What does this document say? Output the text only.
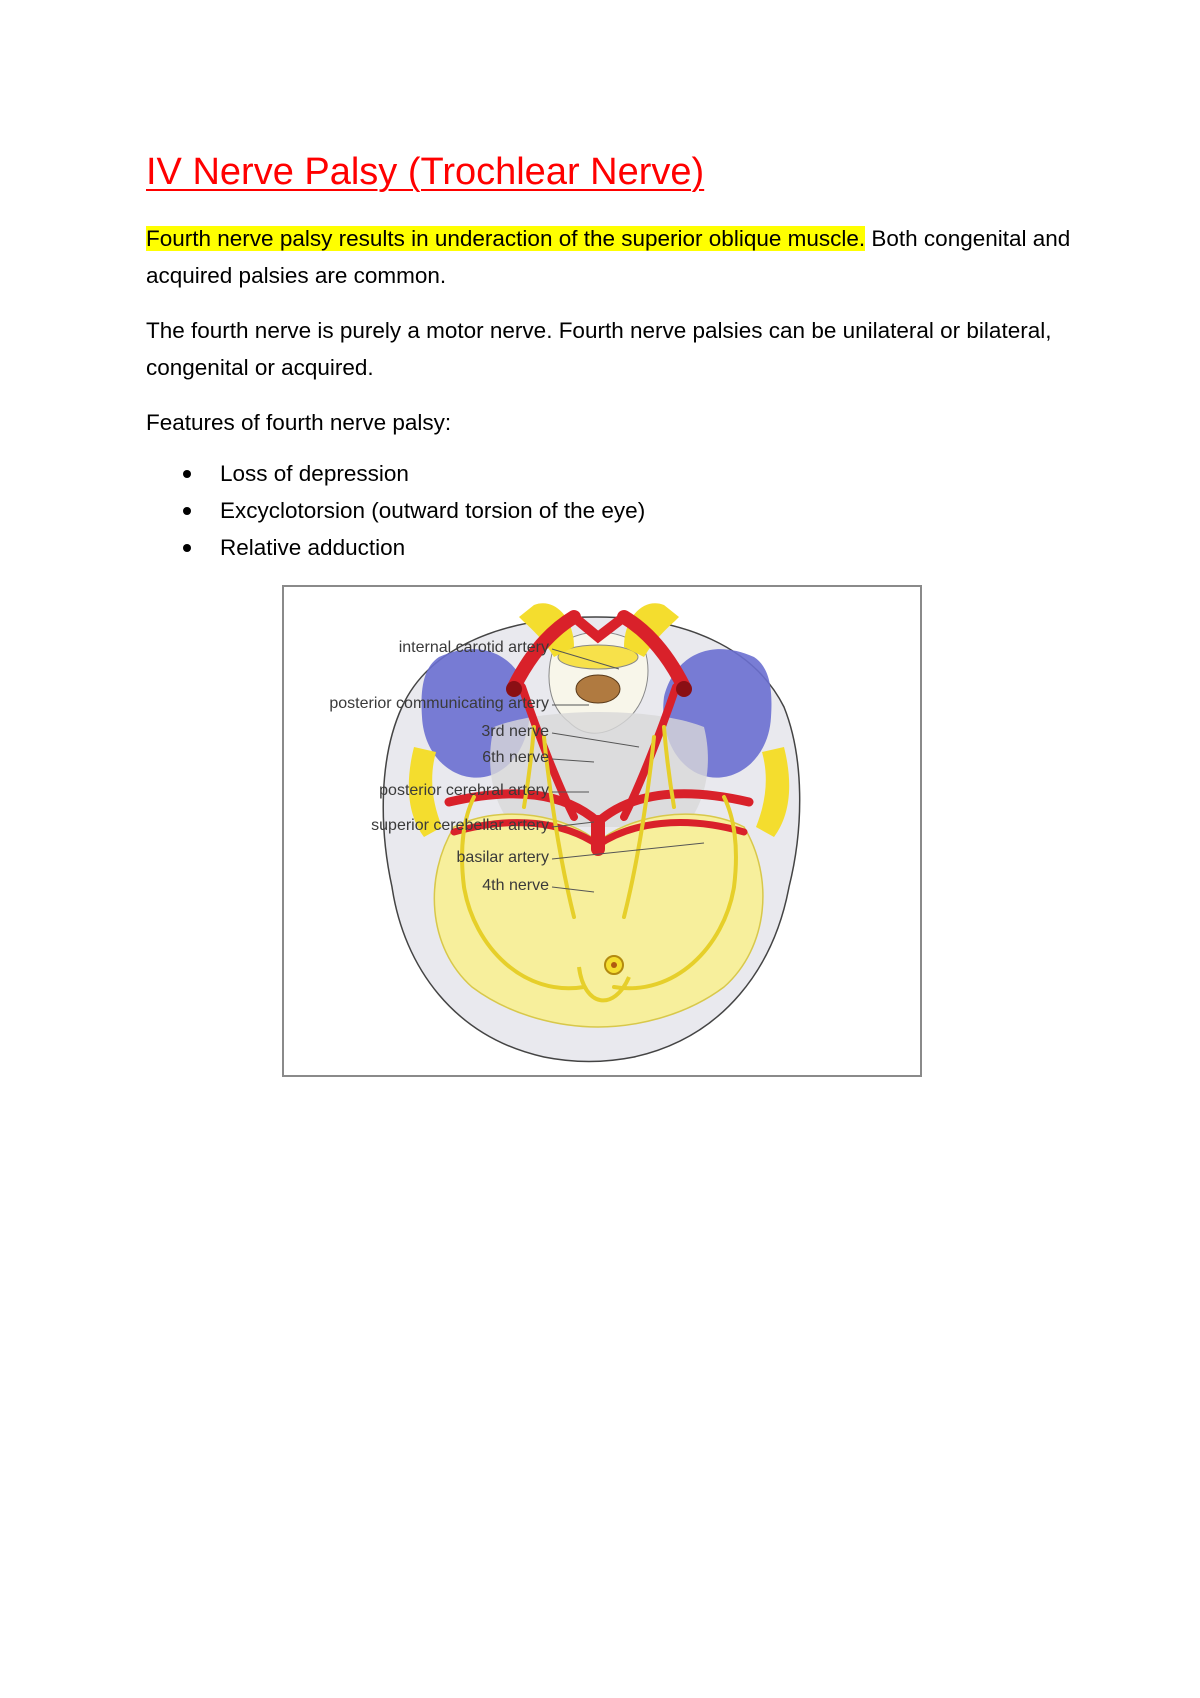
IV Nerve Palsy (Trochlear Nerve)

Fourth nerve palsy results in underaction of the superior oblique muscle. Both congenital and acquired palsies are common.

The fourth nerve is purely a motor nerve. Fourth nerve palsies can be unilateral or bilateral, congenital or acquired.

Features of fourth nerve palsy:

Loss of depression
Excyclotorsion (outward torsion of the eye)
Relative adduction
internal carotid artery
posterior communicating artery
3rd nerve
6th nerve
posterior cerebral artery
superior cerebellar artery
basilar artery
4th nerve
